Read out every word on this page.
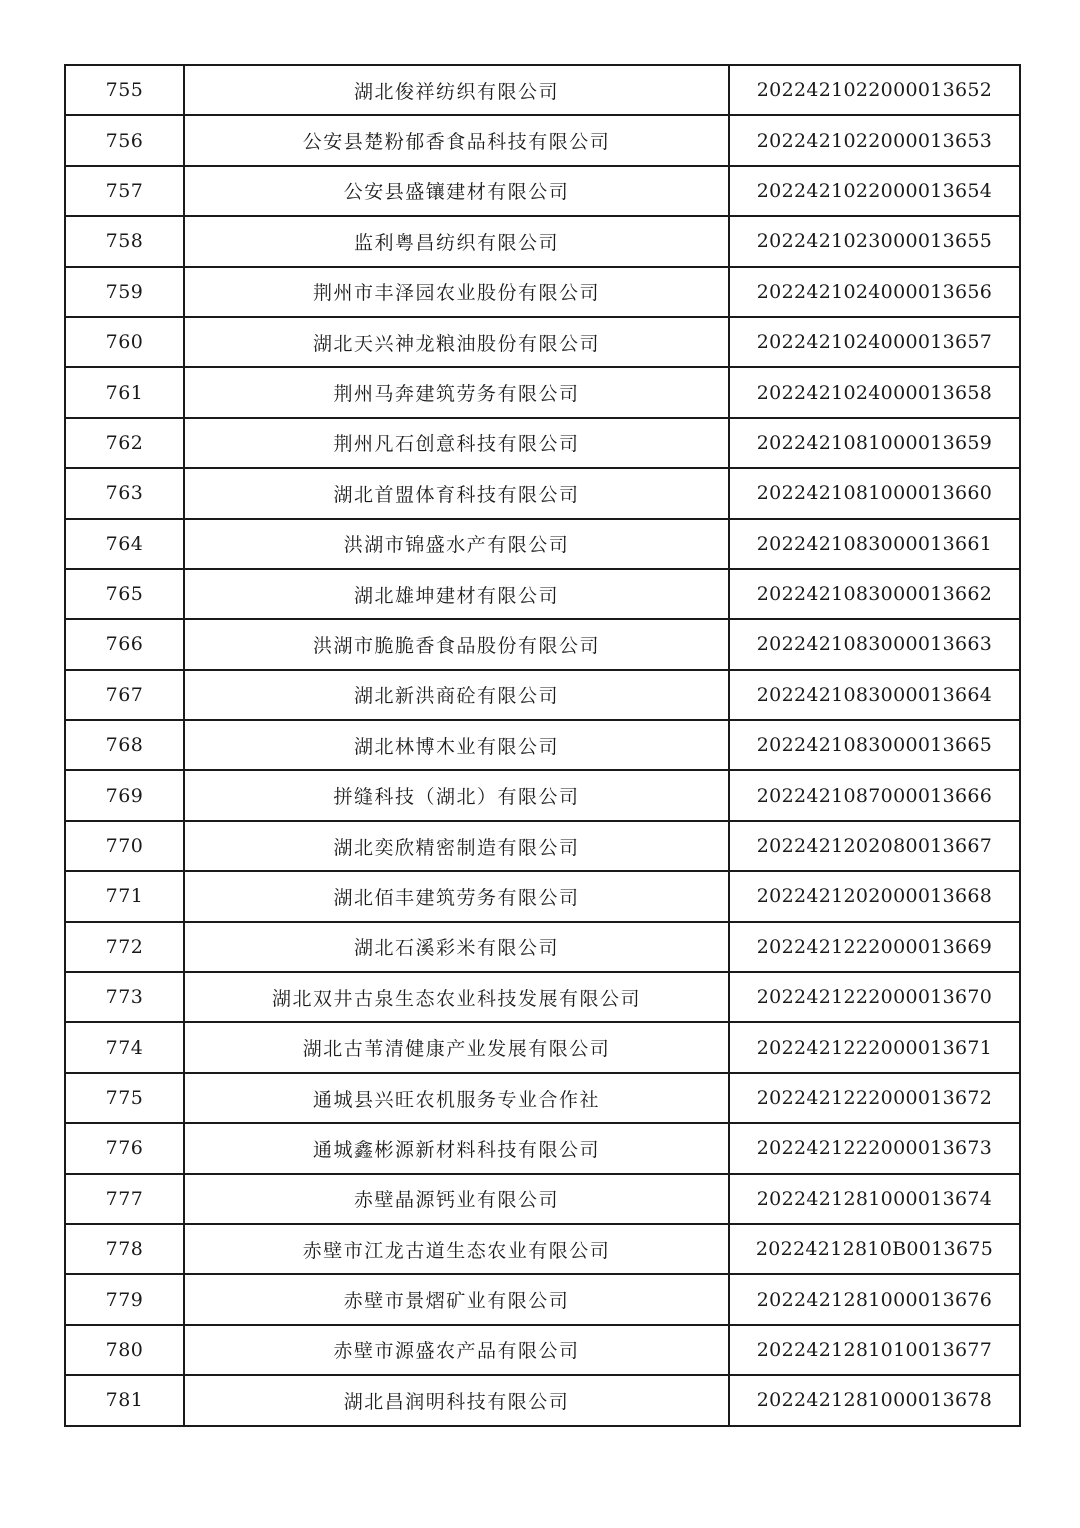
755	湖北俊祥纺织有限公司	2022421022000013652
756	公安县楚粉郁香食品科技有限公司	2022421022000013653
757	公安县盛镶建材有限公司	2022421022000013654
758	监利粤昌纺织有限公司	2022421023000013655
759	荆州市丰泽园农业股份有限公司	2022421024000013656
760	湖北天兴神龙粮油股份有限公司	2022421024000013657
761	荆州马奔建筑劳务有限公司	2022421024000013658
762	荆州凡石创意科技有限公司	2022421081000013659
763	湖北首盟体育科技有限公司	2022421081000013660
764	洪湖市锦盛水产有限公司	2022421083000013661
765	湖北雄坤建材有限公司	2022421083000013662
766	洪湖市脆脆香食品股份有限公司	2022421083000013663
767	湖北新洪商砼有限公司	2022421083000013664
768	湖北林博木业有限公司	2022421083000013665
769	拼缝科技（湖北）有限公司	2022421087000013666
770	湖北奕欣精密制造有限公司	2022421202080013667
771	湖北佰丰建筑劳务有限公司	2022421202000013668
772	湖北石溪彩米有限公司	2022421222000013669
773	湖北双井古泉生态农业科技发展有限公司	2022421222000013670
774	湖北古苇清健康产业发展有限公司	2022421222000013671
775	通城县兴旺农机服务专业合作社	2022421222000013672
776	通城鑫彬源新材料科技有限公司	2022421222000013673
777	赤壁晶源钙业有限公司	2022421281000013674
778	赤壁市江龙古道生态农业有限公司	20224212810B0013675
779	赤壁市景熠矿业有限公司	2022421281000013676
780	赤壁市源盛农产品有限公司	2022421281010013677
781	湖北昌润明科技有限公司	2022421281000013678
